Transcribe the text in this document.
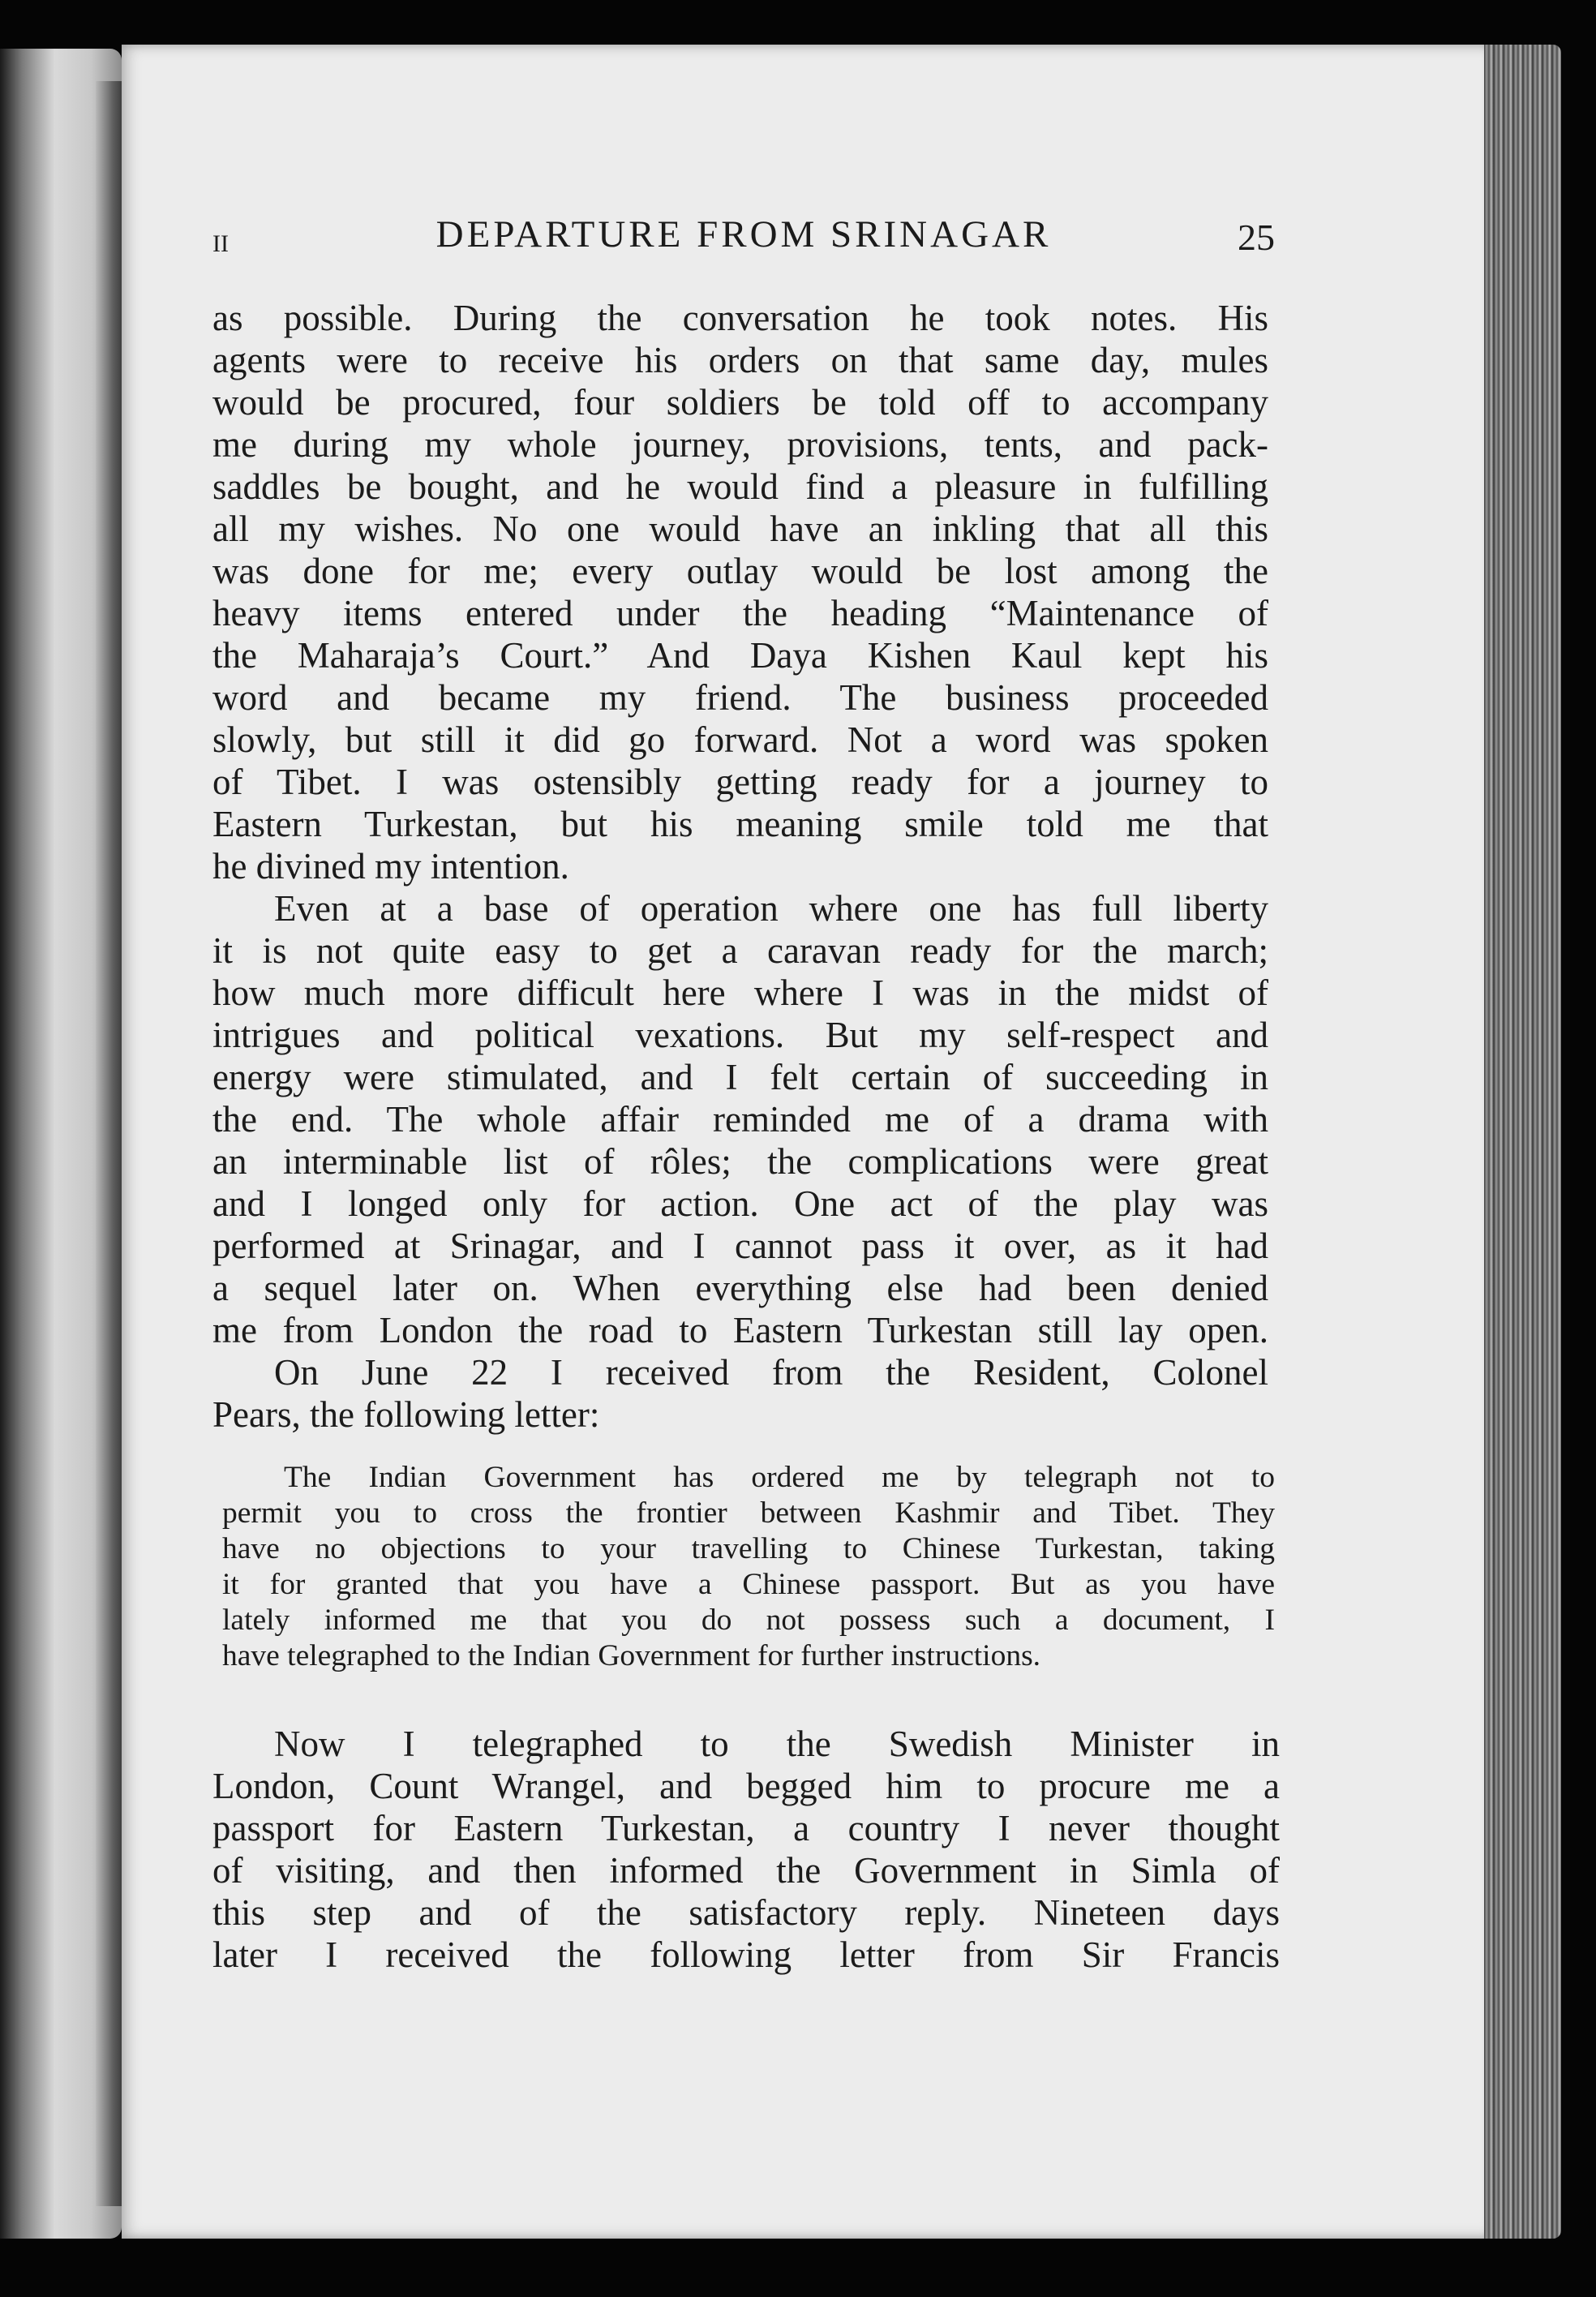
II	DEPARTURE FROM SRINAGAR	25
as possible. During the conversation he took notes. His
agents were to receive his orders on that same day, mules
would be procured, four soldiers be told off to accompany
me during my whole journey, provisions, tents, and pack-
saddles be bought, and he would find a pleasure in fulfilling
all my wishes. No one would have an inkling that all this
was done for me; every outlay would be lost among the
heavy items entered under the heading “Maintenance of
the Maharaja’s Court.” And Daya Kishen Kaul kept his
word and became my friend. The business proceeded
slowly, but still it did go forward. Not a word was spoken
of Tibet. I was ostensibly getting ready for a journey to
Eastern Turkestan, but his meaning smile told me that
he divined my intention.
Even at a base of operation where one has full liberty
it is not quite easy to get a caravan ready for the march;
how much more difficult here where I was in the midst of
intrigues and political vexations. But my self-respect and
energy were stimulated, and I felt certain of succeeding in
the end. The whole affair reminded me of a drama with
an interminable list of rôles; the complications were great
and I longed only for action. One act of the play was
performed at Srinagar, and I cannot pass it over, as it had
a sequel later on. When everything else had been denied
me from London the road to Eastern Turkestan still lay open.
On June 22 I received from the Resident, Colonel
Pears, the following letter:
The Indian Government has ordered me by telegraph not to
permit you to cross the frontier between Kashmir and Tibet. They
have no objections to your travelling to Chinese Turkestan, taking
it for granted that you have a Chinese passport. But as you have
lately informed me that you do not possess such a document, I
have telegraphed to the Indian Government for further instructions.
Now I telegraphed to the Swedish Minister in
London, Count Wrangel, and begged him to procure me a
passport for Eastern Turkestan, a country I never thought
of visiting, and then informed the Government in Simla of
this step and of the satisfactory reply. Nineteen days
later I received the following letter from Sir Francis
